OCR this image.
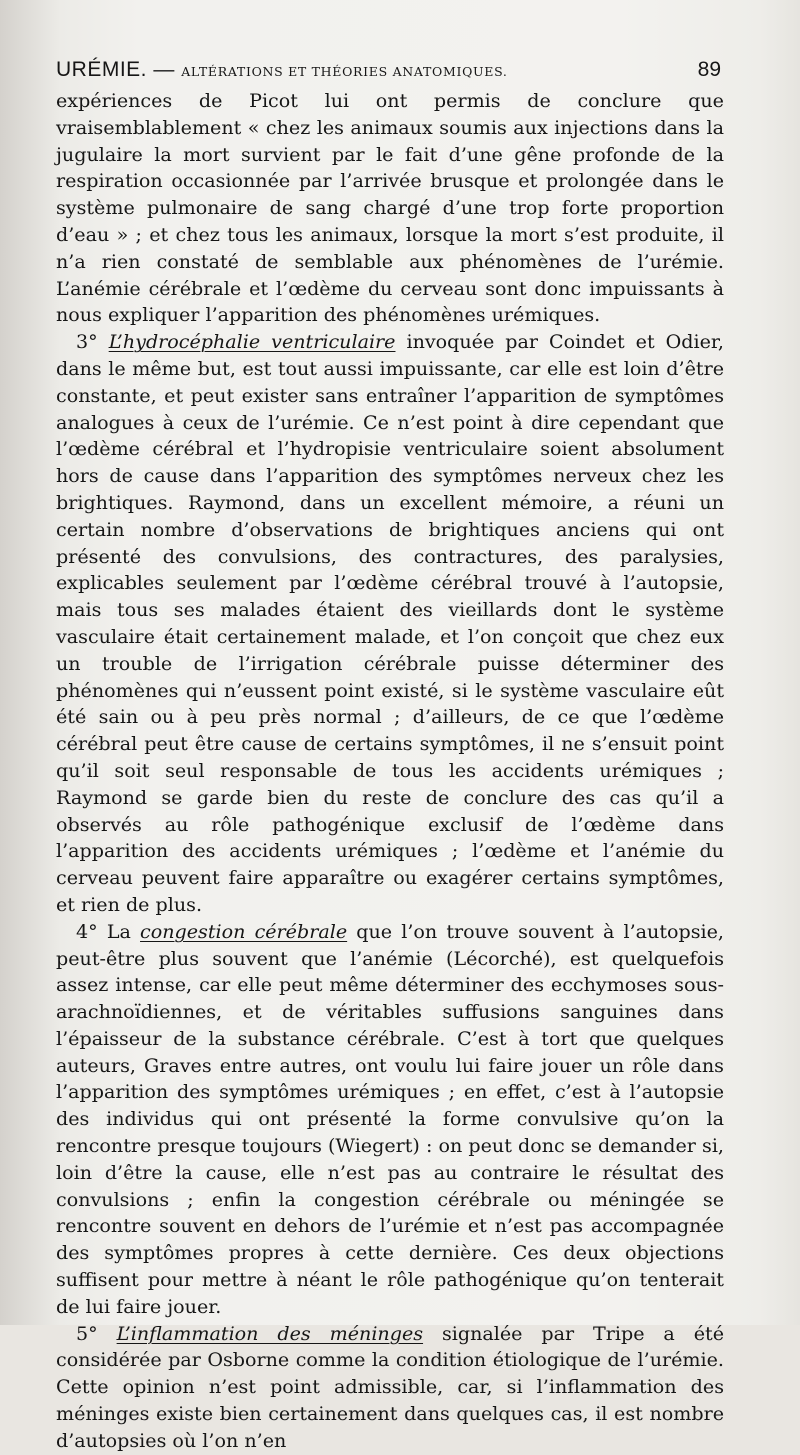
URÉMIE. — ALTÉRATIONS ET THÉORIES ANATOMIQUES.	89

expériences de Picot lui ont permis de conclure que vraisemblablement « chez les animaux soumis aux injections dans la jugulaire la mort survient par le fait d’une gêne profonde de la respiration occasionnée par l’arrivée brusque et prolongée dans le système pulmonaire de sang chargé d’une trop forte proportion d’eau » ; et chez tous les animaux, lorsque la mort s’est produite, il n’a rien constaté de semblable aux phénomènes de l’urémie. L’anémie cérébrale et l’œdème du cerveau sont donc impuissants à nous expliquer l’apparition des phénomènes urémiques.

3° L’hydrocéphalie ventriculaire invoquée par Coindet et Odier, dans le même but, est tout aussi impuissante, car elle est loin d’être constante, et peut exister sans entraîner l’apparition de symptômes analogues à ceux de l’urémie. Ce n’est point à dire cependant que l’œdème cérébral et l’hydropisie ventriculaire soient absolument hors de cause dans l’apparition des symptômes nerveux chez les brightiques. Raymond, dans un excellent mémoire, a réuni un certain nombre d’observations de brightiques anciens qui ont présenté des convulsions, des contractures, des paralysies, explicables seulement par l’œdème cérébral trouvé à l’autopsie, mais tous ses malades étaient des vieillards dont le système vasculaire était certainement malade, et l’on conçoit que chez eux un trouble de l’irrigation cérébrale puisse déterminer des phénomènes qui n’eussent point existé, si le système vasculaire eût été sain ou à peu près normal ; d’ailleurs, de ce que l’œdème cérébral peut être cause de certains symptômes, il ne s’ensuit point qu’il soit seul responsable de tous les accidents urémiques ; Raymond se garde bien du reste de conclure des cas qu’il a observés au rôle pathogénique exclusif de l’œdème dans l’apparition des accidents urémiques ; l’œdème et l’anémie du cerveau peuvent faire apparaître ou exagérer certains symptômes, et rien de plus.

4° La congestion cérébrale que l’on trouve souvent à l’autopsie, peut-être plus souvent que l’anémie (Lécorché), est quelquefois assez intense, car elle peut même déterminer des ecchymoses sous-arachnoïdiennes, et de véritables suffusions sanguines dans l’épaisseur de la substance cérébrale. C’est à tort que quelques auteurs, Graves entre autres, ont voulu lui faire jouer un rôle dans l’apparition des symptômes urémiques ; en effet, c’est à l’autopsie des individus qui ont présenté la forme convulsive qu’on la rencontre presque toujours (Wiegert) : on peut donc se demander si, loin d’être la cause, elle n’est pas au contraire le résultat des convulsions ; enfin la congestion cérébrale ou méningée se rencontre souvent en dehors de l’urémie et n’est pas accompagnée des symptômes propres à cette dernière. Ces deux objections suffisent pour mettre à néant le rôle pathogénique qu’on tenterait de lui faire jouer.

5° L’inflammation des méninges signalée par Tripe a été considérée par Osborne comme la condition étiologique de l’urémie. Cette opinion n’est point admissible, car, si l’inflammation des méninges existe bien certainement dans quelques cas, il est nombre d’autopsies où l’on n’en
